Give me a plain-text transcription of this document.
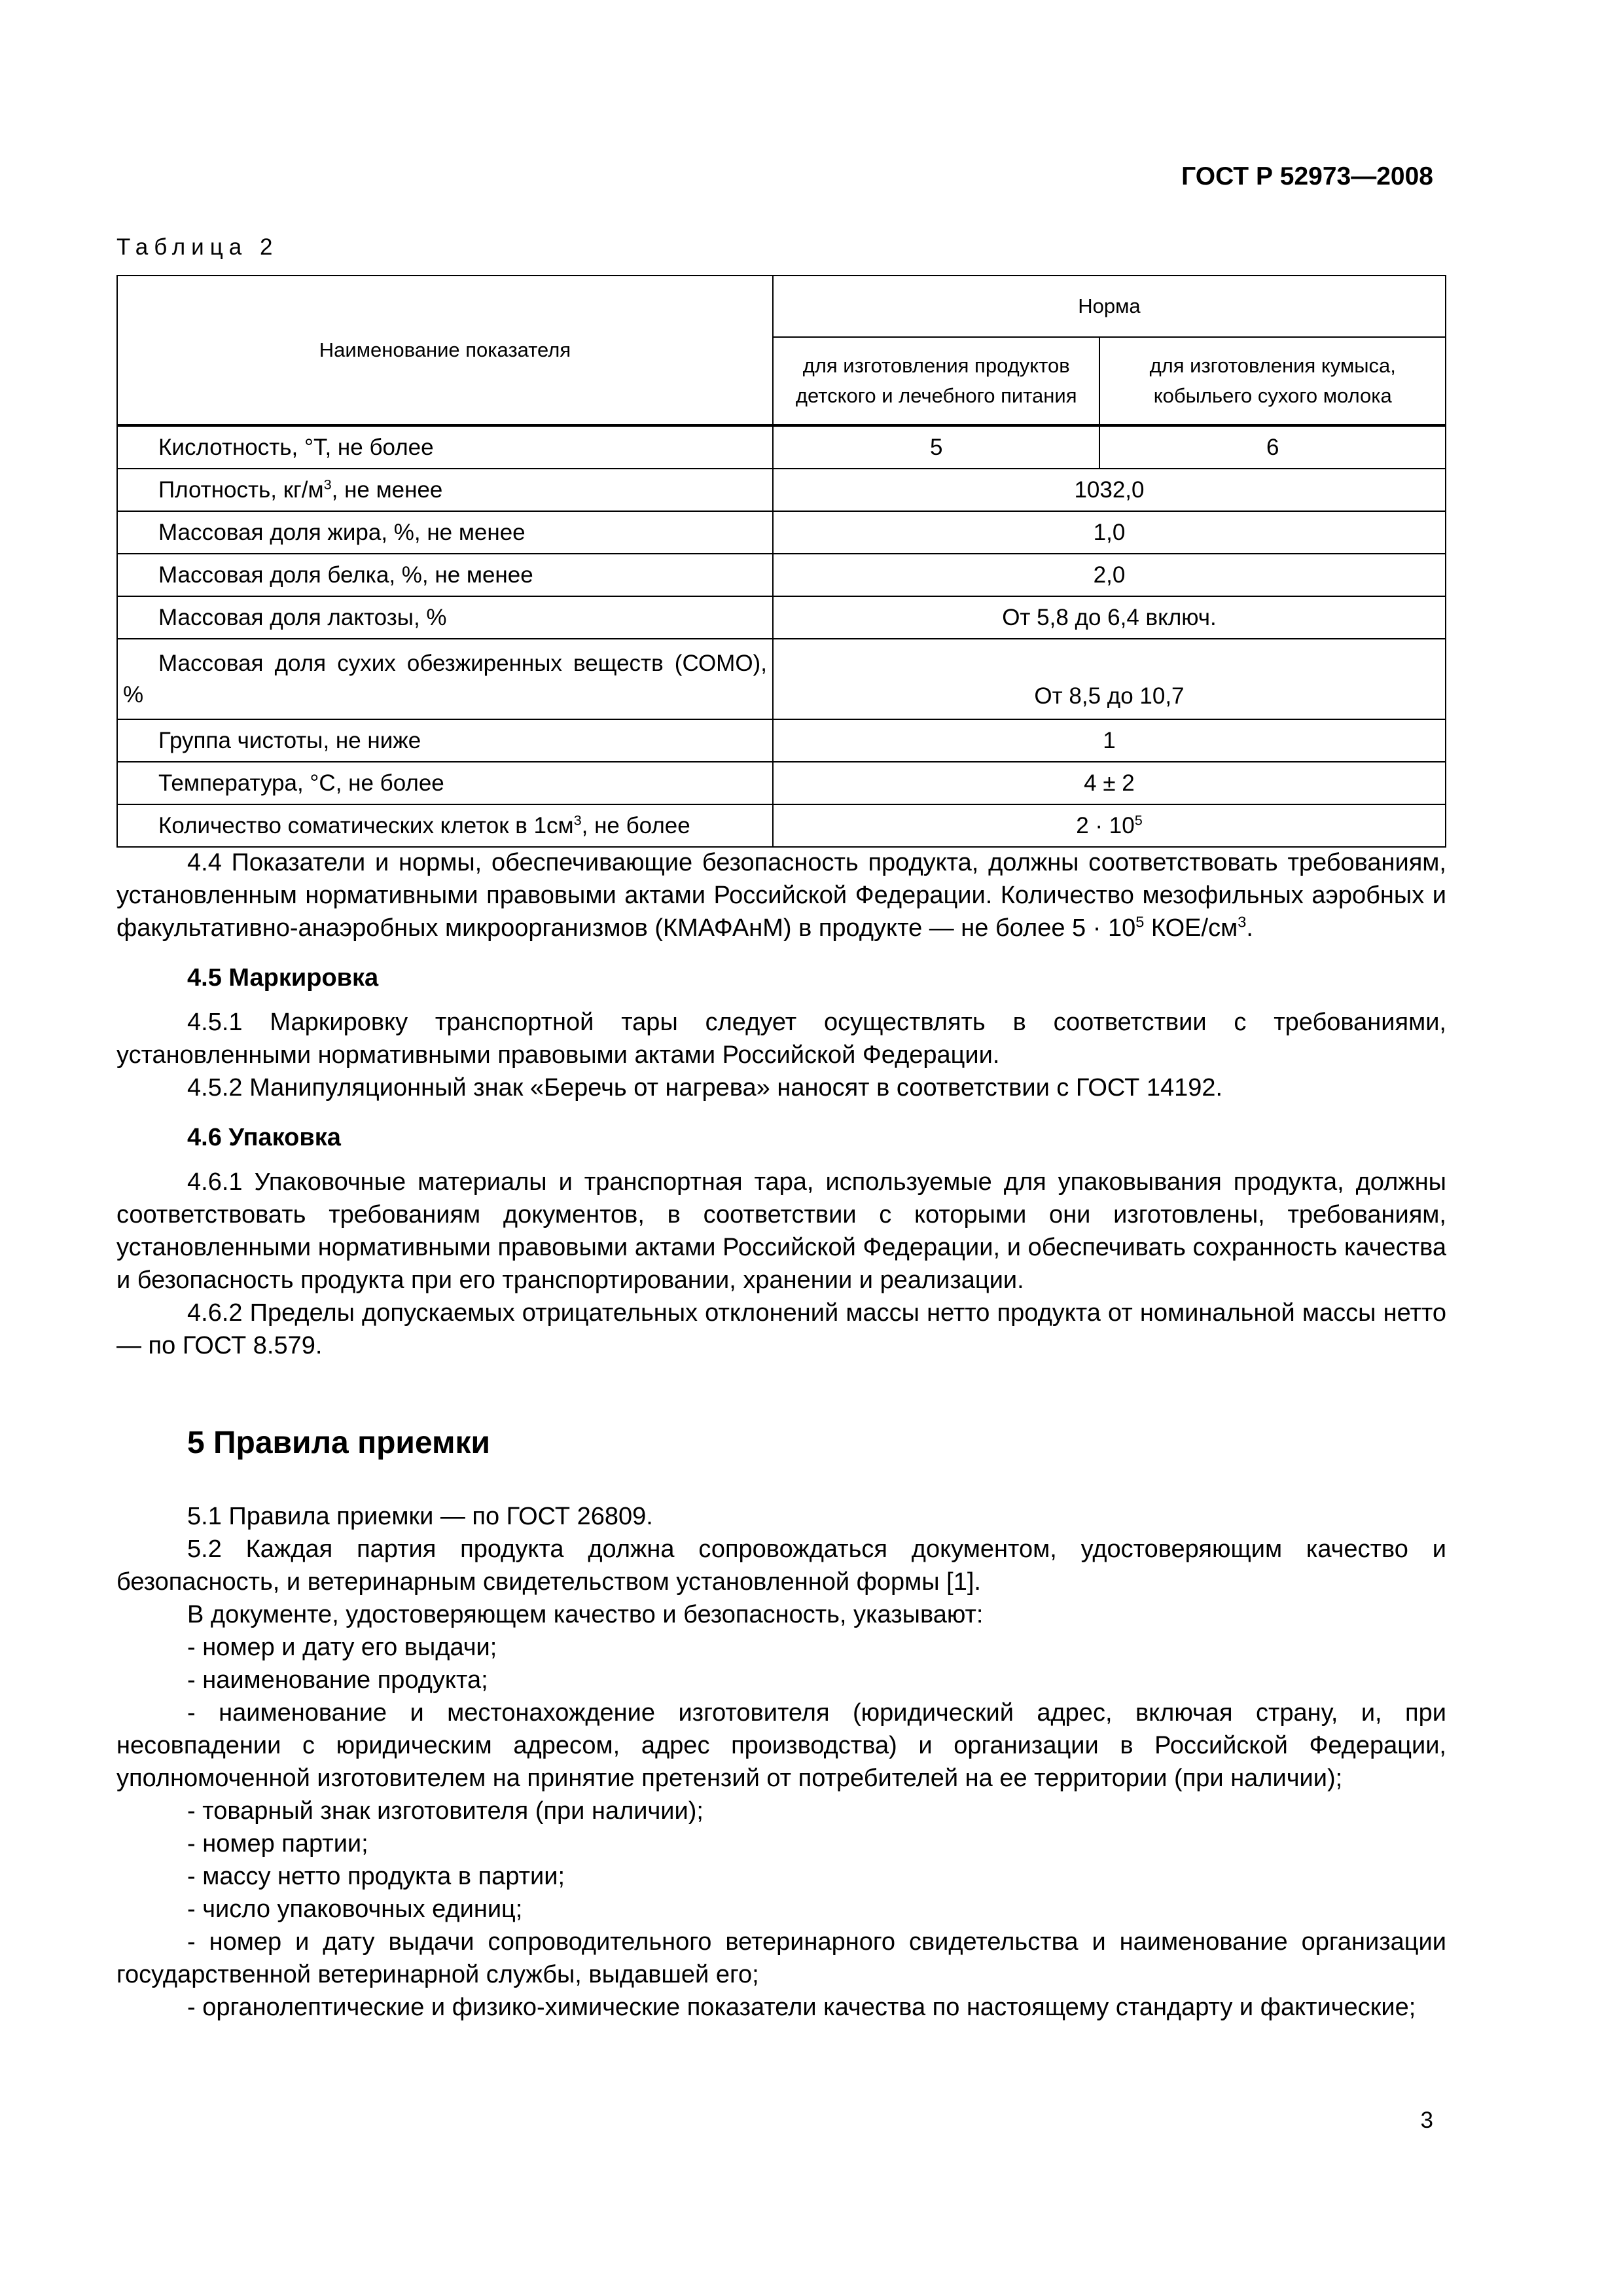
ГОСТ Р 52973—2008
Таблица 2
Наименование показателя	Норма	
	для изготовления продуктов детского и лечебного питания	для изготовления кумыса, кобыльего сухого молока
Кислотность, °Т, не более	5	6
Плотность, $кг/м^3$, не менее	1032,0	
Массовая доля жира, %, не менее	1,0	
Массовая доля белка, %, не менее	2,0	
Массовая доля лактозы, %	От 5,8 до 6,4 включ.	
Массовая доля сухих обезжиренных веществ (СОМО), %	От 8,5 до 10,7	
Группа чистоты, не ниже	1	
Температура, °С, не более	4 ± 2	
Количество соматических клеток в $1см^3$, не более	$2 \cdot 10^5$

4.4 Показатели и нормы, обеспечивающие безопасность продукта, должны соответствовать требованиям, установленным нормативными правовыми актами Российской Федерации. Количество мезофильных аэробных и факультативно-анаэробных микроорганизмов (КМАФАнМ) в продукте — не более $5 \cdot 10^5$ КОЕ/$см^3$.

4.5 Маркировка

4.5.1 Маркировку транспортной тары следует осуществлять в соответствии с требованиями, установленными нормативными правовыми актами Российской Федерации.

4.5.2 Манипуляционный знак «Беречь от нагрева» наносят в соответствии с ГОСТ 14192.

4.6 Упаковка

4.6.1 Упаковочные материалы и транспортная тара, используемые для упаковывания продукта, должны соответствовать требованиям документов, в соответствии с которыми они изготовлены, требованиям, установленными нормативными правовыми актами Российской Федерации, и обеспечивать сохранность качества и безопасность продукта при его транспортировании, хранении и реализации.

4.6.2 Пределы допускаемых отрицательных отклонений массы нетто продукта от номинальной массы нетто — по ГОСТ 8.579.

5 Правила приемки

5.1 Правила приемки — по ГОСТ 26809.

5.2 Каждая партия продукта должна сопровождаться документом, удостоверяющим качество и безопасность, и ветеринарным свидетельством установленной формы [1].

В документе, удостоверяющем качество и безопасность, указывают:

- номер и дату его выдачи;

- наименование продукта;

- наименование и местонахождение изготовителя (юридический адрес, включая страну, и, при несовпадении с юридическим адресом, адрес производства) и организации в Российской Федерации, уполномоченной изготовителем на принятие претензий от потребителей на ее территории (при наличии);

- товарный знак изготовителя (при наличии);

- номер партии;

- массу нетто продукта в партии;

- число упаковочных единиц;

- номер и дату выдачи сопроводительного ветеринарного свидетельства и наименование организации государственной ветеринарной службы, выдавшей его;

- органолептические и физико-химические показатели качества по настоящему стандарту и фактические;

3
